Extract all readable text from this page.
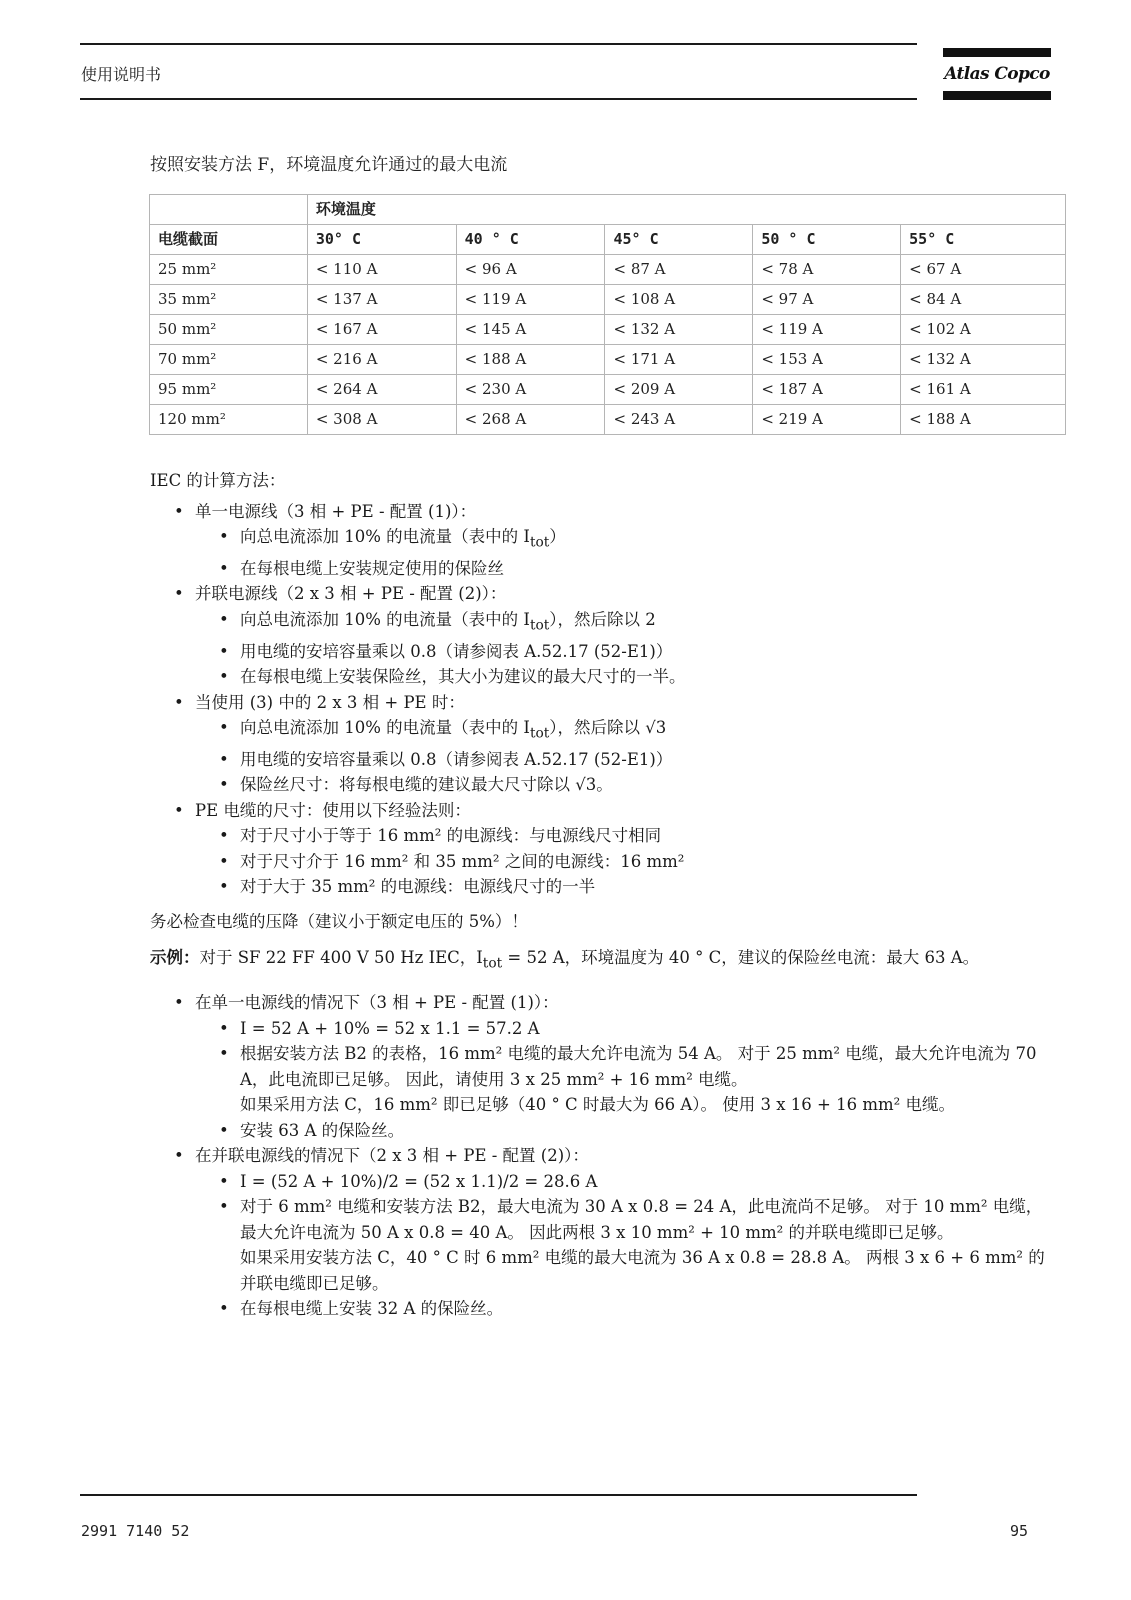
使用说明书	Atlas Copco
按照安装方法 F，环境温度允许通过的最大电流
	环境温度				
电缆截面	30° C	40 ° C	45° C	50 ° C	55° C
25 mm²	< 110 A	< 96 A	< 87 A	< 78 A	< 67 A
35 mm²	< 137 A	< 119 A	< 108 A	< 97 A	< 84 A
50 mm²	< 167 A	< 145 A	< 132 A	< 119 A	< 102 A
70 mm²	< 216 A	< 188 A	< 171 A	< 153 A	< 132 A
95 mm²	< 264 A	< 230 A	< 209 A	< 187 A	< 161 A
120 mm²	< 308 A	< 268 A	< 243 A	< 219 A	< 188 A

IEC 的计算方法：

• 单一电源线（3 相 + PE - 配置 (1)）：
• 向总电流添加 10% 的电流量（表中的 $I_{tot}$）
• 在每根电缆上安装规定使用的保险丝
• 并联电源线（2 x 3 相 + PE - 配置 (2)）：
• 向总电流添加 10% 的电流量（表中的 $I_{tot}$），然后除以 2
• 用电缆的安培容量乘以 0.8（请参阅表 A.52.17 (52-E1)）
• 在每根电缆上安装保险丝，其大小为建议的最大尺寸的一半。
• 当使用 (3) 中的 2 x 3 相 + PE 时：
• 向总电流添加 10% 的电流量（表中的 $I_{tot}$），然后除以 √3
• 用电缆的安培容量乘以 0.8（请参阅表 A.52.17 (52-E1)）
• 保险丝尺寸：将每根电缆的建议最大尺寸除以 √3。
• PE 电缆的尺寸：使用以下经验法则：
• 对于尺寸小于等于 16 mm² 的电源线：与电源线尺寸相同
• 对于尺寸介于 16 mm² 和 35 mm² 之间的电源线：16 mm²
• 对于大于 35 mm² 的电源线：电源线尺寸的一半

务必检查电缆的压降（建议小于额定电压的 5%）！

示例：对于 SF 22 FF 400 V 50 Hz IEC，$I_{tot} = 52$ A，环境温度为 40 ° C，建议的保险丝电流：最大 63 A。

• 在单一电源线的情况下（3 相 + PE - 配置 (1)）：
• I = 52 A + 10% = 52 x 1.1 = 57.2 A
• 根据安装方法 B2 的表格，16 mm² 电缆的最大允许电流为 54 A。 对于 25 mm² 电缆，最大允许电流为 70 A，此电流即已足够。 因此，请使用 3 x 25 mm² + 16 mm² 电缆。
如果采用方法 C，16 mm² 即已足够（40 ° C 时最大为 66 A）。 使用 3 x 16 + 16 mm² 电缆。
• 安装 63 A 的保险丝。
• 在并联电源线的情况下（2 x 3 相 + PE - 配置 (2)）：
• I = (52 A + 10%)/2 = (52 x 1.1)/2 = 28.6 A
• 对于 6 mm² 电缆和安装方法 B2，最大电流为 30 A x 0.8 = 24 A，此电流尚不足够。 对于 10 mm² 电缆，最大允许电流为 50 A x 0.8 = 40 A。 因此两根 3 x 10 mm² + 10 mm² 的并联电缆即已足够。
如果采用安装方法 C，40 ° C 时 6 mm² 电缆的最大电流为 36 A x 0.8 = 28.8 A。 两根 3 x 6 + 6 mm² 的并联电缆即已足够。
• 在每根电缆上安装 32 A 的保险丝。
2991 7140 52	95
